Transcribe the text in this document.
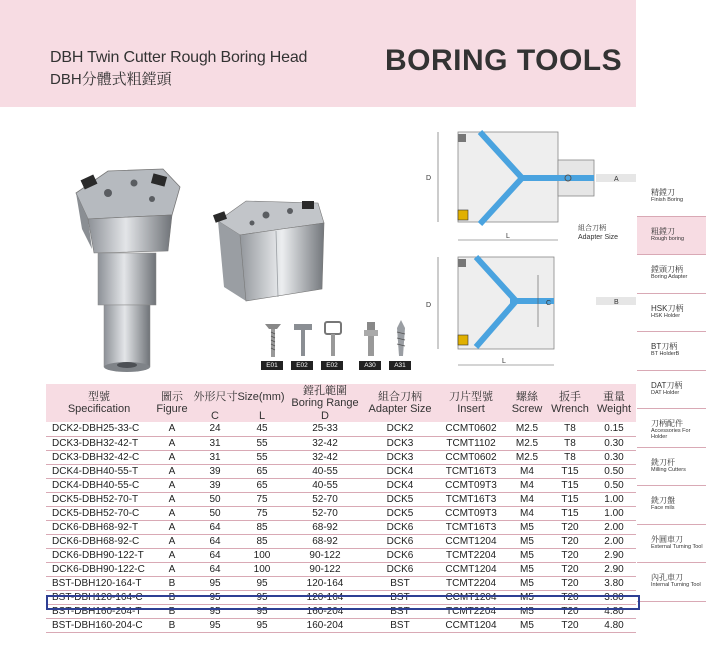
DBH Twin Cutter Rough Boring Head
DBH分體式粗鏜頭
BORING TOOLS
E01	E02	E02	A30	A31
D
L
A
組合刀柄
Adapter Size
D	C
L
B
精鏜刀
Finish Boring
粗鏜刀
Rough boring
鏜頭刀柄
Boring Adapter
HSK刀柄
HSK Holder
BT刀柄
BT HolderB
DAT刀柄
DAT Holder
刀柄配件
Accessories For Holder
銑刀杆
Milling Cutters
銑刀盤
Face mils
外圓車刀
External Turning Tool
內孔車刀
Internal Turning Tool
型號
Specification	圖示
Figure	外形尺寸Size(mm)		鏜孔範圍
Boring Range	組合刀柄
Adapter Size	刀片型號
Insert	螺絲
Screw	扳手
Wrench	重量
Weight
		C	L	D					
DCK2-DBH25-33-C	A	24	45	25-33	DCK2	CCMT0602	M2.5	T8	0.15
DCK3-DBH32-42-T	A	31	55	32-42	DCK3	TCMT1102	M2.5	T8	0.30
DCK3-DBH32-42-C	A	31	55	32-42	DCK3	CCMT0602	M2.5	T8	0.30
DCK4-DBH40-55-T	A	39	65	40-55	DCK4	TCMT16T3	M4	T15	0.50
DCK4-DBH40-55-C	A	39	65	40-55	DCK4	CCMT09T3	M4	T15	0.50
DCK5-DBH52-70-T	A	50	75	52-70	DCK5	TCMT16T3	M4	T15	1.00
DCK5-DBH52-70-C	A	50	75	52-70	DCK5	CCMT09T3	M4	T15	1.00
DCK6-DBH68-92-T	A	64	85	68-92	DCK6	TCMT16T3	M5	T20	2.00
DCK6-DBH68-92-C	A	64	85	68-92	DCK6	CCMT1204	M5	T20	2.00
DCK6-DBH90-122-T	A	64	100	90-122	DCK6	TCMT2204	M5	T20	2.90
DCK6-DBH90-122-C	A	64	100	90-122	DCK6	CCMT1204	M5	T20	2.90
BST-DBH120-164-T	B	95	95	120-164	BST	TCMT2204	M5	T20	3.80
BST-DBH120-164-C	B	95	95	120-164	BST	CCMT1204	M5	T20	3.80
BST-DBH160-204-T	B	95	95	160-204	BST	TCMT2204	M5	T20	4.80
BST-DBH160-204-C	B	95	95	160-204	BST	CCMT1204	M5	T20	4.80
